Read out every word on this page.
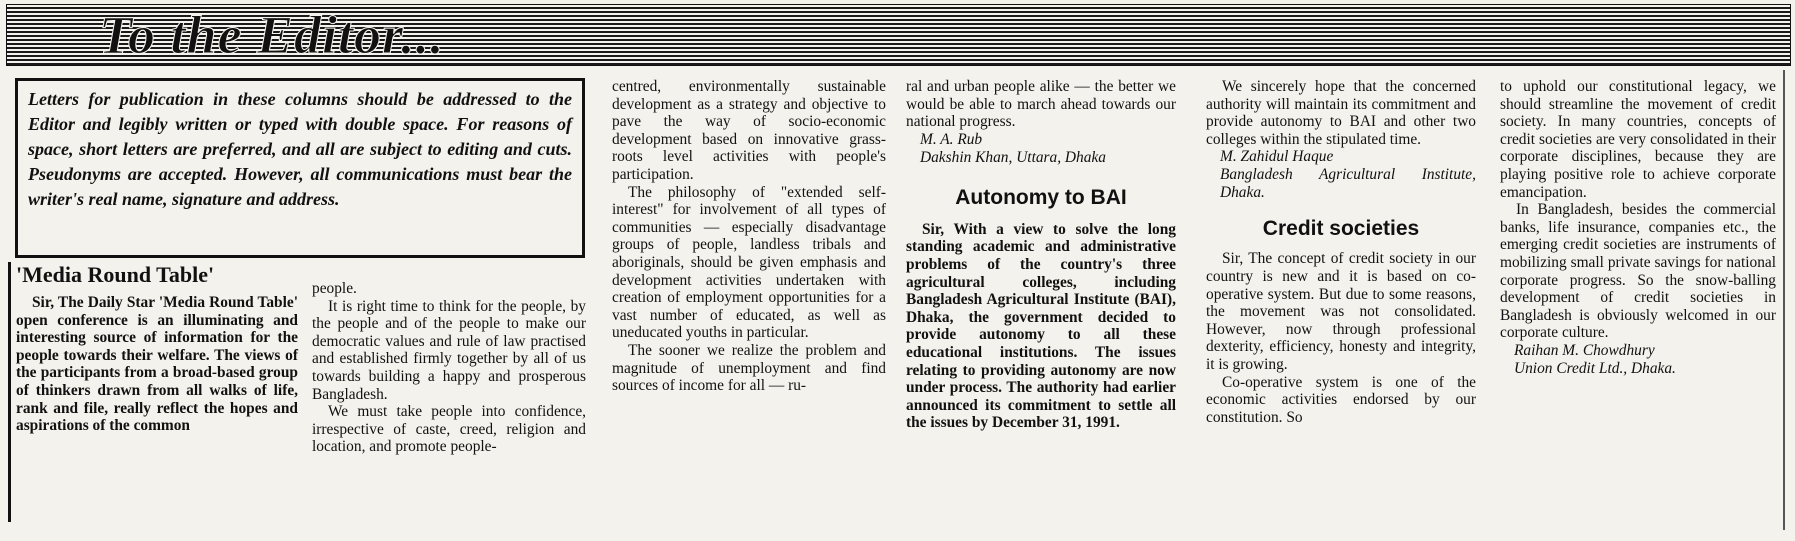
To the Editor...
Letters for publication in these columns should be addressed to the Editor and legibly written or typed with double space. For reasons of space, short letters are preferred, and all are subject to editing and cuts. Pseudonyms are accepted. However, all communications must bear the writer's real name, signature and address.
'Media Round Table'

Sir, The Daily Star 'Media Round Table' open conference is an illuminating and interesting source of information for the people towards their welfare. The views of the participants from a broad-based group of thinkers drawn from all walks of life, rank and file, really reflect the hopes and aspirations of the common

people.

It is right time to think for the people, by the people and of the people to make our democratic values and rule of law practised and established firmly together by all of us towards building a happy and prosperous Bangladesh.

We must take people into confidence, irrespective of caste, creed, religion and location, and promote people-

centred, environmentally sustainable development as a strategy and objective to pave the way of socio-economic development based on innovative grass-roots level activities with people's participation.

The philosophy of "extended self-interest" for involvement of all types of communities — especially disadvantage groups of people, landless tribals and aboriginals, should be given emphasis and development activities undertaken with creation of employment opportunities for a vast number of educated, as well as uneducated youths in particular.

The sooner we realize the problem and magnitude of unemployment and find sources of income for all — ru-

ral and urban people alike — the better we would be able to march ahead towards our national progress.

M. A. Rub
Dakshin Khan, Uttara, Dhaka
Autonomy to BAI

Sir, With a view to solve the long standing academic and administrative problems of the country's three agricultural colleges, including Bangladesh Agricultural Institute (BAI), Dhaka, the government decided to provide autonomy to all these educational institutions. The issues relating to providing autonomy are now under process. The authority had earlier announced its commitment to settle all the issues by December 31, 1991.

We sincerely hope that the concerned authority will maintain its commitment and provide autonomy to BAI and other two colleges within the stipulated time.

M. Zahidul Haque
Bangladesh Agricultural Institute, Dhaka.
Credit societies

Sir, The concept of credit society in our country is new and it is based on co-operative system. But due to some reasons, the movement was not consolidated. However, now through professional dexterity, efficiency, honesty and integrity, it is growing.

Co-operative system is one of the economic activities endorsed by our constitution. So

to uphold our constitutional legacy, we should streamline the movement of credit society. In many countries, concepts of credit societies are very consolidated in their corporate disciplines, because they are playing positive role to achieve corporate emancipation.

In Bangladesh, besides the commercial banks, life insurance, companies etc., the emerging credit societies are instruments of mobilizing small private savings for national corporate progress. So the snow-balling development of credit societies in Bangladesh is obviously welcomed in our corporate culture.

Raihan M. Chowdhury
Union Credit Ltd., Dhaka.
